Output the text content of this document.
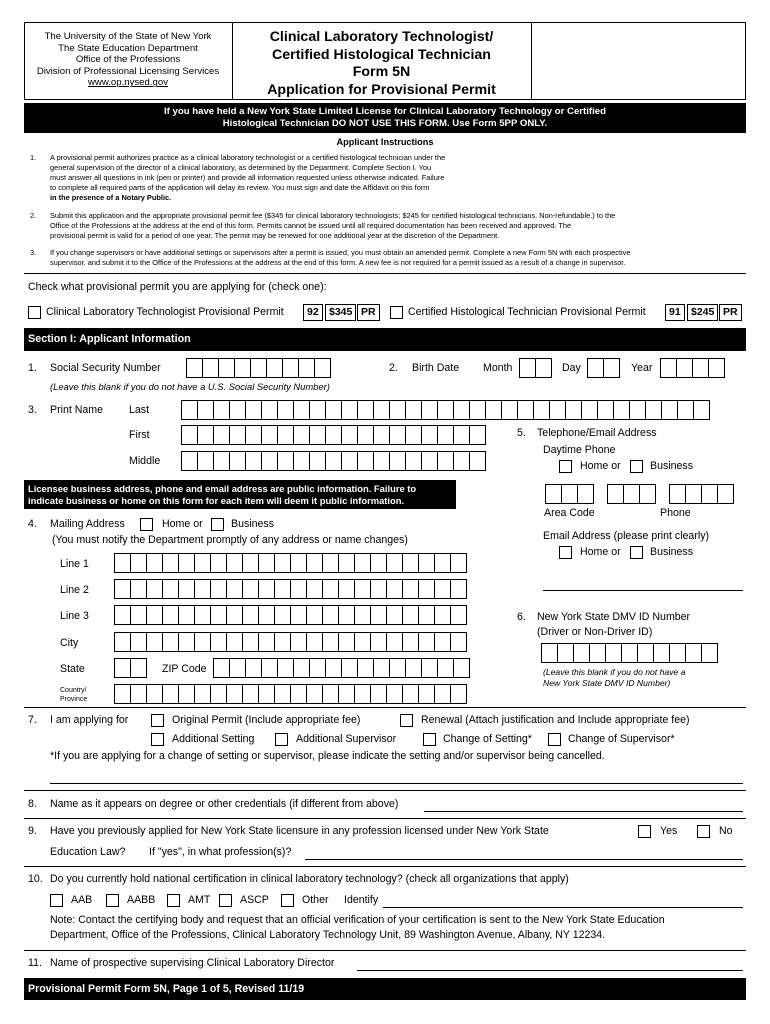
The University of the State of New York
The State Education Department
Office of the Professions
Division of Professional Licensing Services
www.op.nysed.gov
Clinical Laboratory Technologist/
Certified Histological Technician
Form 5N
Application for Provisional Permit
If you have held a New York State Limited License for Clinical Laboratory Technology or Certified
Histological Technician DO NOT USE THIS FORM. Use Form 5PP ONLY.
Applicant Instructions
1. A provisional permit authorizes practice as a clinical laboratory technologist or a certified histological technician under the
general supervision of the director of a clinical laboratory, as determined by the Department. Complete Section I. You
must answer all questions in ink (pen or printer) and provide all information requested unless otherwise indicated. Failure
to complete all required parts of the application will delay its review. You must sign and date the Affidavit on this form
in the presence of a Notary Public.
2. Submit this application and the appropriate provisional permit fee ($345 for clinical laboratory technologists; $245 for certified histological technicians. Non-refundable.) to the
Office of the Professions at the address at the end of this form. Permits cannot be issued until all required documentation has been received and approved. The
provisional permit is valid for a period of one year. The permit may be renewed for one additional year at the discretion of the Department.
3. If you change supervisors or have additional settings or supervisors after a permit is issued, you must obtain an amended permit. Complete a new Form 5N with each prospective
supervisor, and submit it to the Office of the Professions at the address at the end of this form. A new fee is not required for a permit issued as a result of a change in supervisor.
Check what provisional permit you are applying for (check one):
Clinical Laboratory Technologist Provisional Permit	92 $345 PR	Certified Histological Technician Provisional Permit	91 $245 PR
Section I: Applicant Information
1. Social Security Number
(Leave this blank if you do not have a U.S. Social Security Number)
2. Birth Date Month	Day	Year
3. Print Name Last
First
Middle
5. Telephone/Email Address
Daytime Phone
Home or	Business
Area Code	Phone
Email Address (please print clearly)
Home or	Business
Licensee business address, phone and email address are public information. Failure to
indicate business or home on this form for each item will deem it public information.
4. Mailing Address	Home or	Business
(You must notify the Department promptly of any address or name changes)
Line 1
Line 2
Line 3
City
State	ZIP Code
Country/
Province
6. New York State DMV ID Number
(Driver or Non-Driver ID)
(Leave this blank if you do not have a
New York State DMV ID Number)
7. I am applying for	Original Permit (Include appropriate fee)	Renewal (Attach justification and Include appropriate fee)
Additional Setting	Additional Supervisor	Change of Setting*	Change of Supervisor*
*If you are applying for a change of setting or supervisor, please indicate the setting and/or supervisor being cancelled.
8. Name as it appears on degree or other credentials (if different from above)
9. Have you previously applied for New York State licensure in any profession licensed under New York State	Yes	No
Education Law? If "yes", in what profession(s)?
10. Do you currently hold national certification in clinical laboratory technology? (check all organizations that apply)
AAB	AABB	AMT	ASCP	Other Identify
Note: Contact the certifying body and request that an official verification of your certification is sent to the New York State Education
Department, Office of the Professions, Clinical Laboratory Technology Unit, 89 Washington Avenue, Albany, NY 12234.
11. Name of prospective supervising Clinical Laboratory Director
Provisional Permit Form 5N, Page 1 of 5, Revised 11/19
